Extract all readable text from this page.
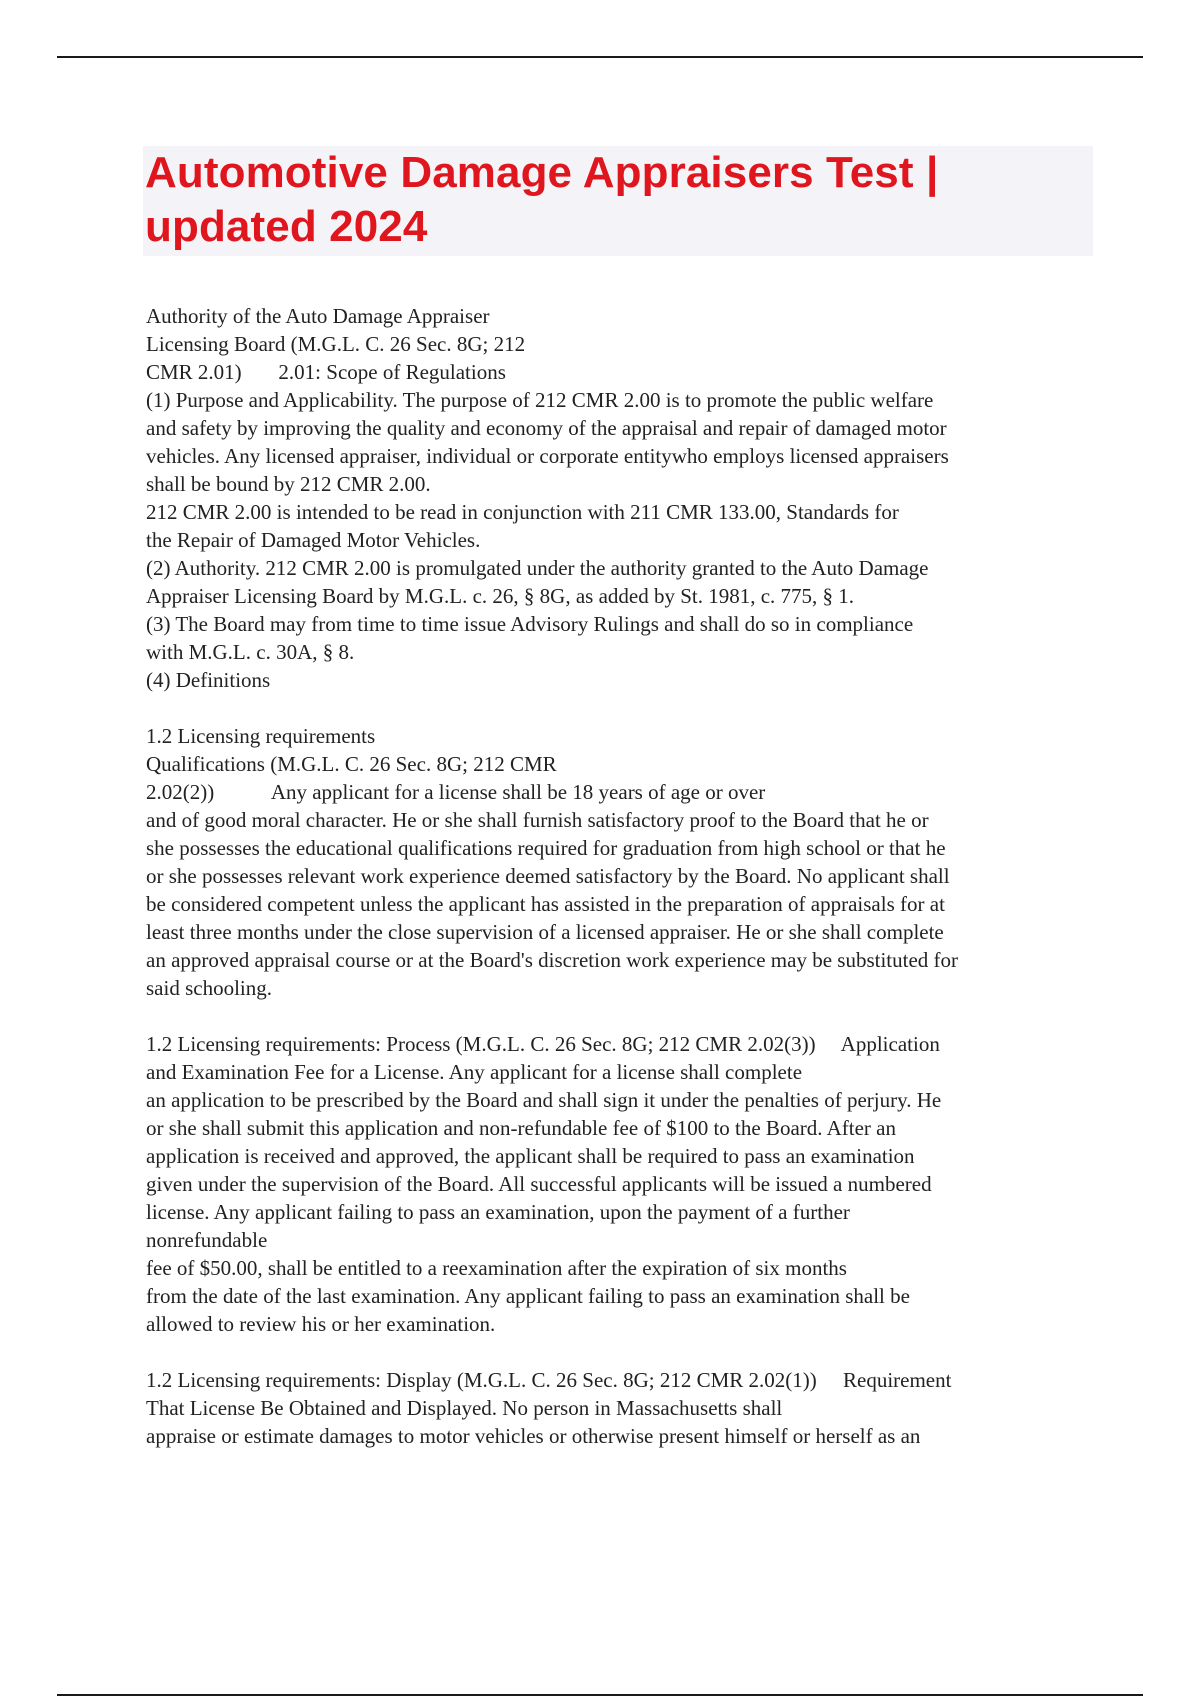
Automotive Damage Appraisers Test |
updated 2024
Authority of the Auto Damage Appraiser
Licensing Board (M.G.L. C. 26 Sec. 8G; 212
CMR 2.01)       2.01: Scope of Regulations
(1) Purpose and Applicability. The purpose of 212 CMR 2.00 is to promote the public welfare
and safety by improving the quality and economy of the appraisal and repair of damaged motor
vehicles. Any licensed appraiser, individual or corporate entitywho employs licensed appraisers
shall be bound by 212 CMR 2.00.
212 CMR 2.00 is intended to be read in conjunction with 211 CMR 133.00, Standards for
the Repair of Damaged Motor Vehicles.
(2) Authority. 212 CMR 2.00 is promulgated under the authority granted to the Auto Damage
Appraiser Licensing Board by M.G.L. c. 26, § 8G, as added by St. 1981, c. 775, § 1.
(3) The Board may from time to time issue Advisory Rulings and shall do so in compliance
with M.G.L. c. 30A, § 8.
(4) Definitions
1.2 Licensing requirements
Qualifications (M.G.L. C. 26 Sec. 8G; 212 CMR
2.02(2))           Any applicant for a license shall be 18 years of age or over
and of good moral character. He or she shall furnish satisfactory proof to the Board that he or
she possesses the educational qualifications required for graduation from high school or that he
or she possesses relevant work experience deemed satisfactory by the Board. No applicant shall
be considered competent unless the applicant has assisted in the preparation of appraisals for at
least three months under the close supervision of a licensed appraiser. He or she shall complete
an approved appraisal course or at the Board's discretion work experience may be substituted for
said schooling.
1.2 Licensing requirements: Process (M.G.L. C. 26 Sec. 8G; 212 CMR 2.02(3))     Application
and Examination Fee for a License. Any applicant for a license shall complete
an application to be prescribed by the Board and shall sign it under the penalties of perjury. He
or she shall submit this application and non-refundable fee of $100 to the Board. After an
application is received and approved, the applicant shall be required to pass an examination
given under the supervision of the Board. All successful applicants will be issued a numbered
license. Any applicant failing to pass an examination, upon the payment of a further
nonrefundable
fee of $50.00, shall be entitled to a reexamination after the expiration of six months
from the date of the last examination. Any applicant failing to pass an examination shall be
allowed to review his or her examination.
1.2 Licensing requirements: Display (M.G.L. C. 26 Sec. 8G; 212 CMR 2.02(1))     Requirement
That License Be Obtained and Displayed. No person in Massachusetts shall
appraise or estimate damages to motor vehicles or otherwise present himself or herself as an
